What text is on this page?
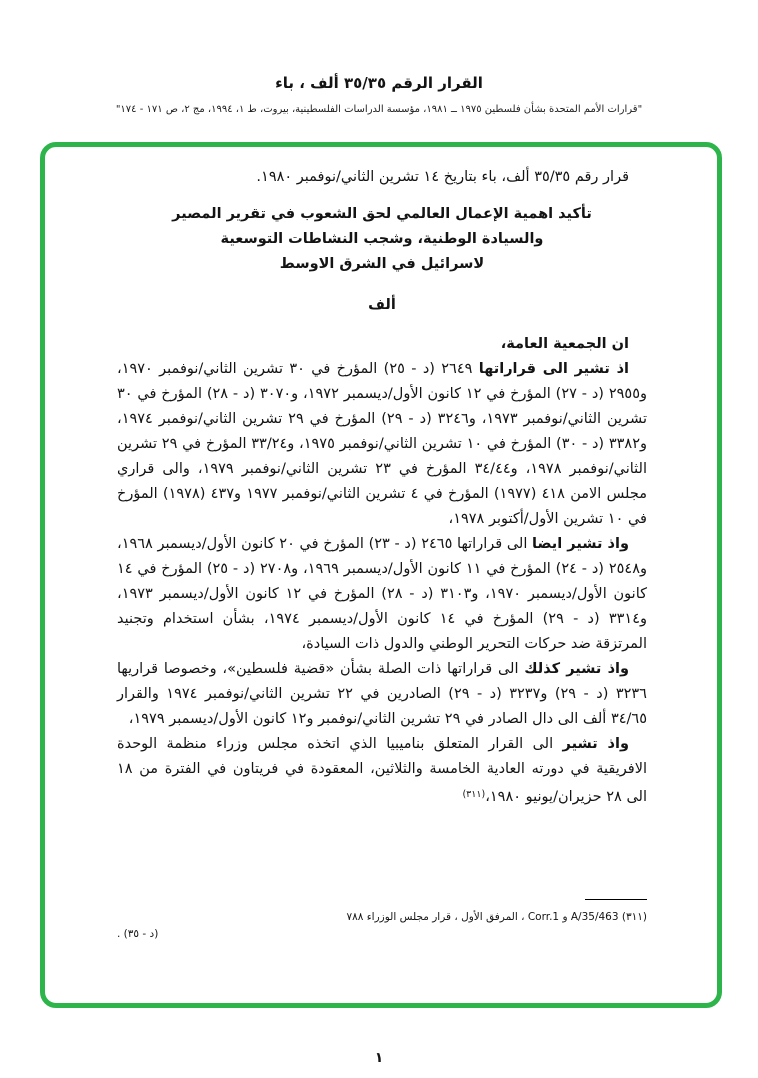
القرار الرقم ٣٥/٣٥ ألف ، باء
"قرارات الأمم المتحدة بشأن فلسطين ١٩٧٥ ــ ١٩٨١، مؤسسة الدراسات الفلسطينية، بيروت، ط ١، ١٩٩٤، مج ٢، ص ١٧١ - ١٧٤"

قرار رقم ٣٥/٣٥ ألف، باء بتاريخ ١٤ تشرين الثاني/نوفمبر ١٩٨٠.

تأكيد اهمية الإعمال العالمي لحق الشعوب في تقرير المصير
والسيادة الوطنية، وشجب النشاطات التوسعية
لاسرائيل في الشرق الاوسط
ألف

ان الجمعية العامة،

اذ تشير الى قراراتها ٢٦٤٩ (د - ٢٥) المؤرخ في ٣٠ تشرين الثاني/نوفمبر ١٩٧٠، و٢٩٥٥ (د - ٢٧) المؤرخ في ١٢ كانون الأول/ديسمبر ١٩٧٢، و٣٠٧٠ (د - ٢٨) المؤرخ في ٣٠ تشرين الثاني/نوفمبر ١٩٧٣، و٣٢٤٦ (د - ٢٩) المؤرخ في ٢٩ تشرين الثاني/نوفمبر ١٩٧٤، و٣٣٨٢ (د - ٣٠) المؤرخ في ١٠ تشرين الثاني/نوفمبر ١٩٧٥، و٣٣/٢٤ المؤرخ في ٢٩ تشرين الثاني/نوفمبر ١٩٧٨، و٣٤/٤٤ المؤرخ في ٢٣ تشرين الثاني/نوفمبر ١٩٧٩، والى قراري مجلس الامن ٤١٨ (١٩٧٧) المؤرخ في ٤ تشرين الثاني/نوفمبر ١٩٧٧ و٤٣٧ (١٩٧٨) المؤرخ في ١٠ تشرين الأول/أكتوبر ١٩٧٨،

واذ تشير ايضا الى قراراتها ٢٤٦٥ (د - ٢٣) المؤرخ في ٢٠ كانون الأول/ديسمبر ١٩٦٨، و٢٥٤٨ (د - ٢٤) المؤرخ في ١١ كانون الأول/ديسمبر ١٩٦٩، و٢٧٠٨ (د - ٢٥) المؤرخ في ١٤ كانون الأول/ديسمبر ١٩٧٠، و٣١٠٣ (د - ٢٨) المؤرخ في ١٢ كانون الأول/ديسمبر ١٩٧٣، و٣٣١٤ (د - ٢٩) المؤرخ في ١٤ كانون الأول/ديسمبر ١٩٧٤، بشأن استخدام وتجنيد المرتزقة ضد حركات التحرير الوطني والدول ذات السيادة،

واذ تشير كذلك الى قراراتها ذات الصلة بشأن «قضية فلسطين»، وخصوصا قراريها ٣٢٣٦ (د - ٢٩) و٣٢٣٧ (د - ٢٩) الصادرين في ٢٢ تشرين الثاني/نوفمبر ١٩٧٤ والقرار ٣٤/٦٥ ألف الى دال الصادر في ٢٩ تشرين الثاني/نوفمبر و١٢ كانون الأول/ديسمبر ١٩٧٩،

واذ تشير الى القرار المتعلق بناميبيا الذي اتخذه مجلس وزراء منظمة الوحدة الافريقية في دورته العادية الخامسة والثلاثين، المعقودة في فريتاون في الفترة من ١٨ الى ٢٨ حزيران/يونيو ١٩٨٠،$^{(٣١١)}$

(٣١١) A/35/463 و Corr.1 ، المرفق الأول ، قرار مجلس الوزراء ٧٨٨

(د - ٣٥) .

١
